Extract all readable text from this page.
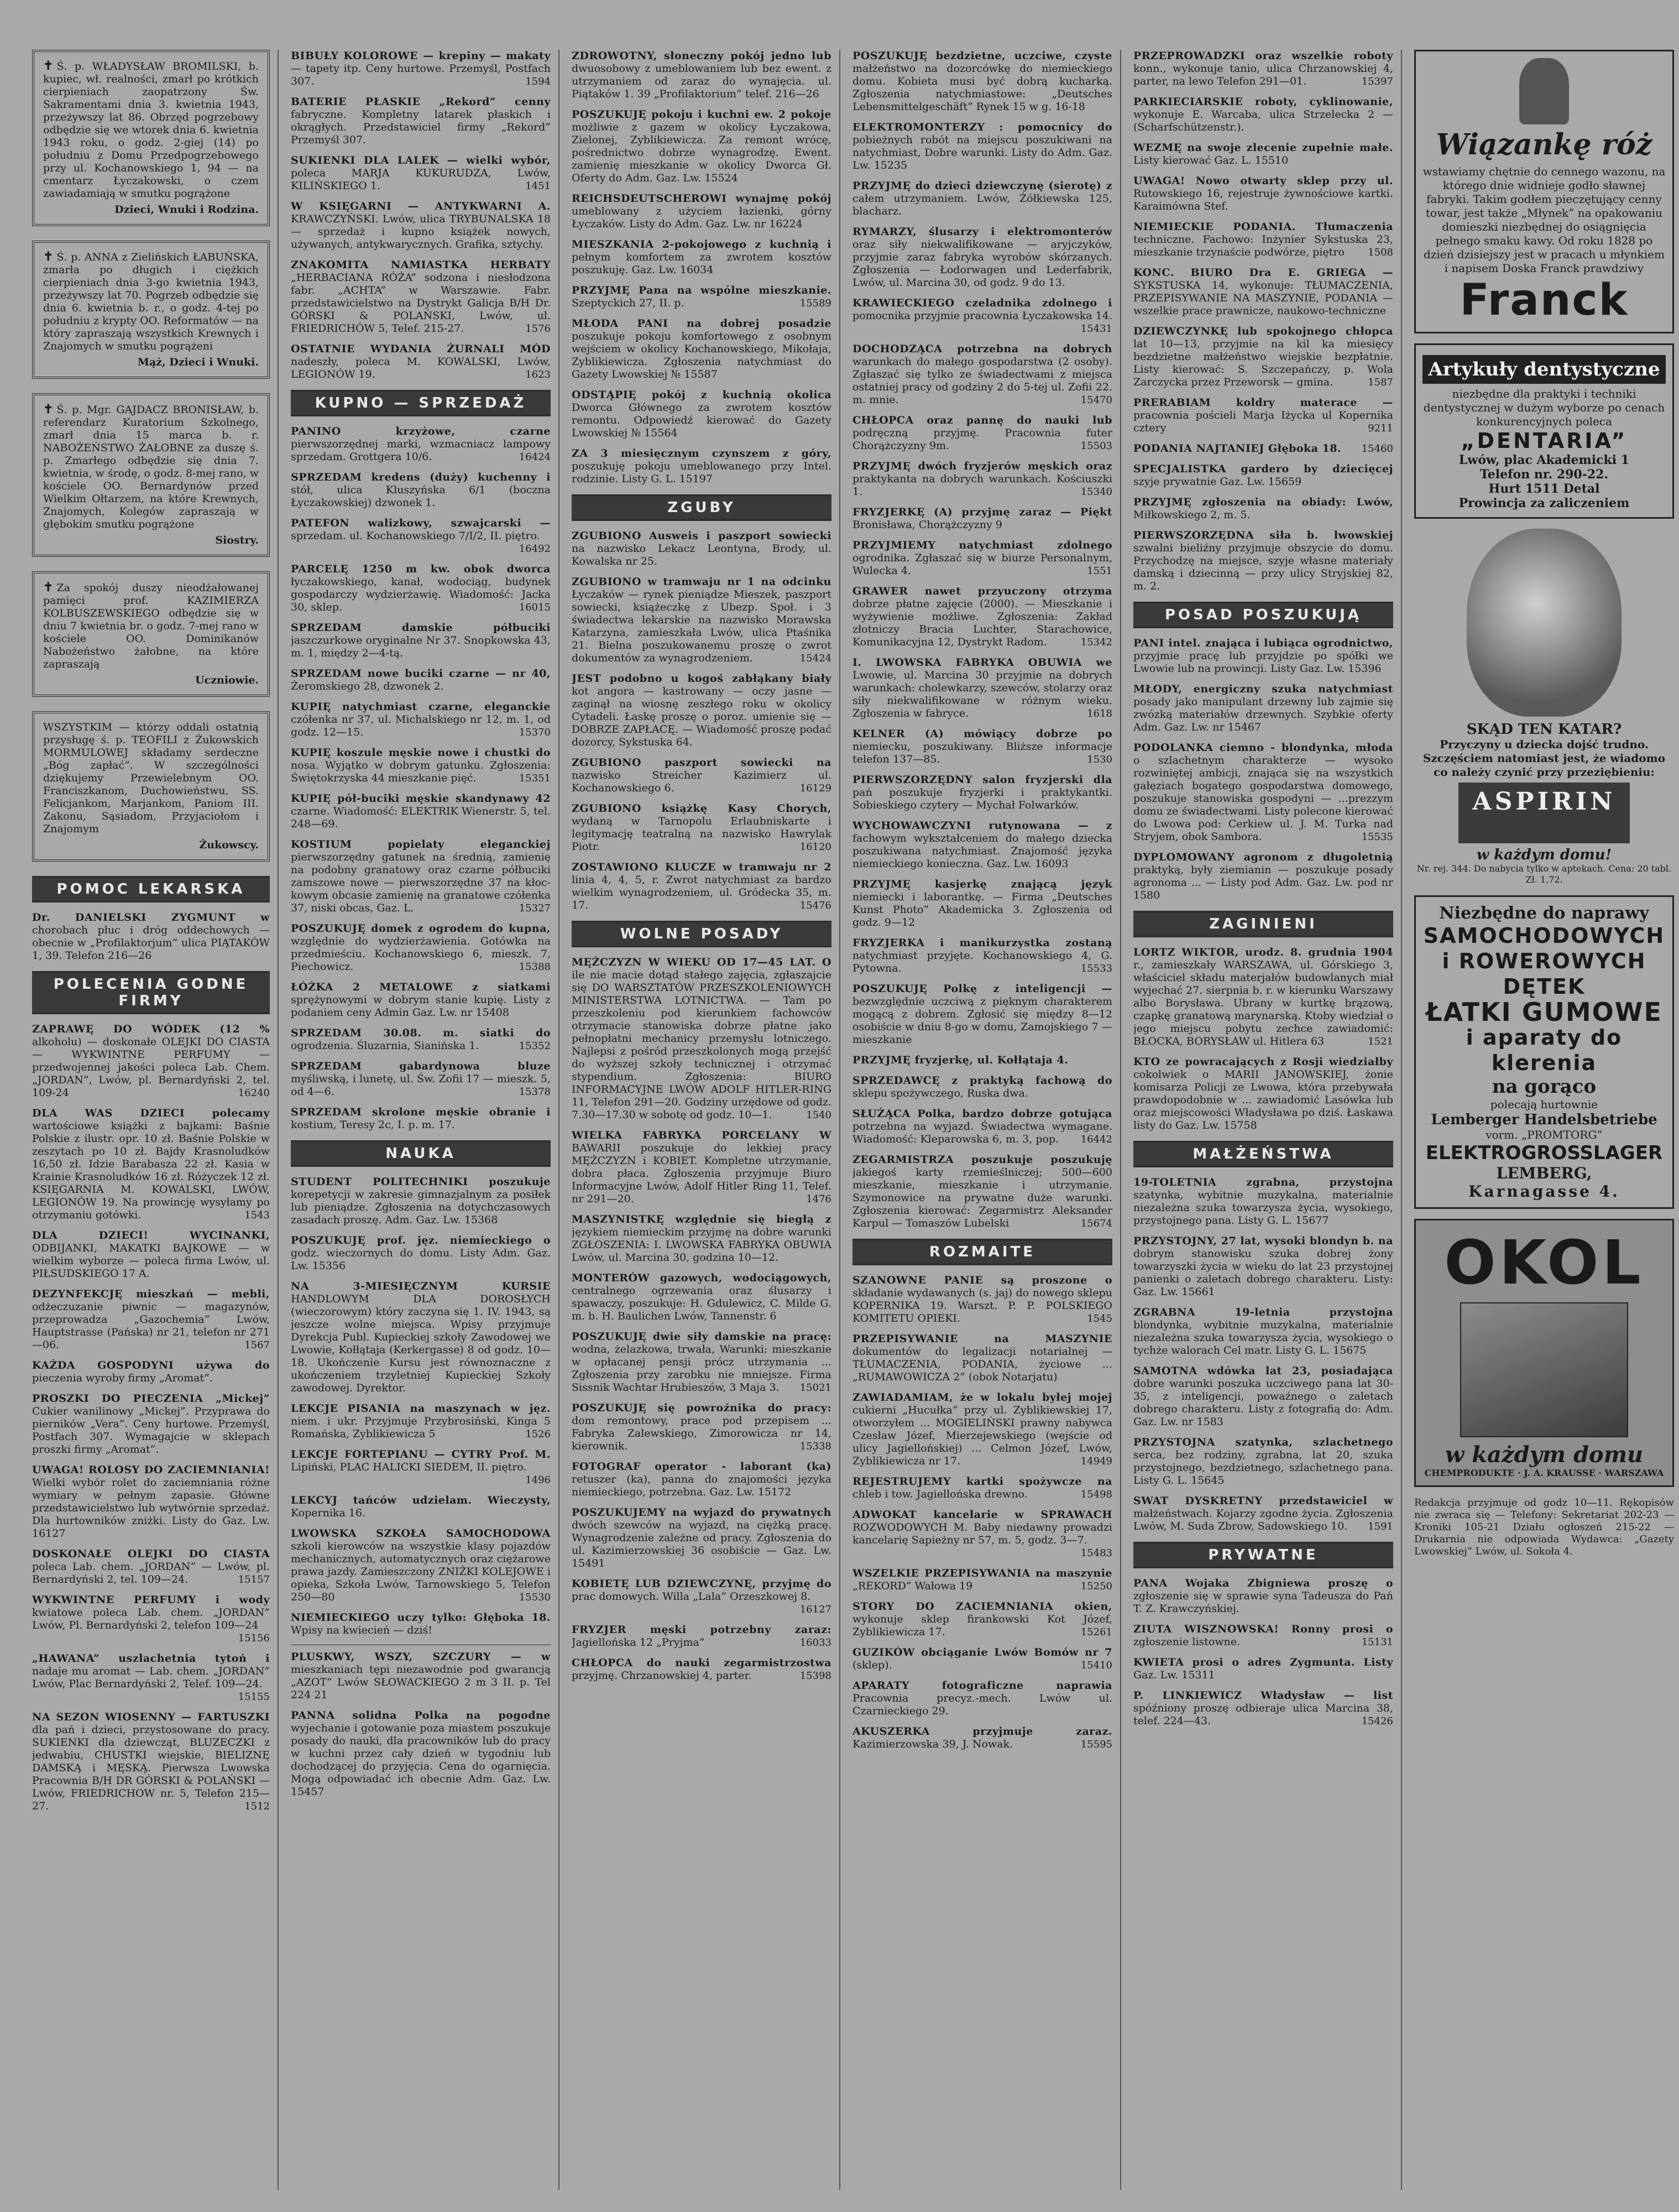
✝ Ś. p. WŁADYSŁAW BROMILSKI, b. kupiec, wł. realności, zmarł po krótkich cierpieniach zaopatrzony Św. Sakramentami dnia 3. kwietnia 1943, przeżywszy lat 86. Obrzęd pogrzebowy odbędzie się we wtorek dnia 6. kwietnia 1943 roku, o godz. 2-giej (14) po południu z Domu Przedpogrzebowego przy ul. Kochanowskiego 1, 94 — na cmentarz Łyczakowski, o czem zawiadamiają w smutku pogrążone
Dzieci, Wnuki i Rodzina.
✝ Ś. p. ANNA z Zielińskich ŁABUŃSKA, zmarła po długich i ciężkich cierpieniach dnia 3-go kwietnia 1943, przeżywszy lat 70. Pogrzeb odbędzie się dnia 6. kwietnia b. r., o godz. 4-tej po południu z krypty OO. Reformatów — na który zapraszają wszystkich Krewnych i Znajomych w smutku pogrążeni
Mąż, Dzieci i Wnuki.
✝ Ś. p. Mgr. GAJDACZ BRONISŁAW, b. referendarz Kuratorium Szkolnego, zmarł dnia 15 marca b. r. NABOŻEŃSTWO ŻAŁOBNE za duszę ś. p. Zmarłego odbędzie się dnia 7. kwietnia, w środę, o godz. 8-mej rano, w kościele OO. Bernardynów przed Wielkim Ołtarzem, na które Krewnych, Znajomych, Kolegów zapraszają w głębokim smutku pogrążone
Siostry.
✝ Za spokój duszy nieodżałowanej pamięci prof. KAZIMIERZA KOLBUSZEWSKIEGO odbędzie się w dniu 7 kwietnia br. o godz. 7-mej rano w kościele OO. Dominikanów Nabożeństwo żałobne, na które zapraszają
Uczniowie.
WSZYSTKIM — którzy oddali ostatnią przysługę ś. p. TEOFILI z Żukowskich MORMULOWEJ składamy serdeczne „Bóg zapłać”. W szczególności dziękujemy Przewielebnym OO. Franciszkanom, Duchowieństwu, SS. Felicjankom, Marjankom, Paniom III. Zakonu, Sąsiadom, Przyjaciołom i Znajomym
Żukowscy.
POMOC LEKARSKA

Dr. DANIELSKI ZYGMUNT w chorobach płuc i dróg oddechowych — obecnie w „Profilaktorjum” ulica PIĄTAKÓW 1, 39. Telefon 216—26

POLECENIA GODNE FIRMY

ZAPRAWĘ DO WÓDEK (12 % alkoholu) — doskonałe OLEJKI DO CIASTA — WYKWINTNE PERFUMY — przedwojennej jakości poleca Lab. Chem. „JORDAN”, Lwów, pl. Bernardyński 2, tel. 109-24	16240

DLA WAS DZIECI polecamy wartościowe książki z bajkami: Baśnie Polskie z ilustr. opr. 10 zł. Baśnie Polskie w zeszytach po 10 zł. Bajdy Krasnoludków 16,50 zł. Idzie Barabasza 22 zł. Kasia w Krainie Krasnoludków 16 zł. Różyczek 12 zł. KSIĘGARNIA M. KOWALSKI, LWÓW, LEGIONÓW 19. Na prowincję wysyłamy po otrzymaniu gotówki.	1543

DLA DZIECI! WYCINANKI, ODBIJANKI, MAKATKI BAJKOWE — w wielkim wyborze — poleca firma Lwów, ul. PIŁSUDSKIEGO 17 A.

DEZYNFEKCJĘ mieszkań — mebli, odżeczuzanie piwnic — magazynów, przeprowadza „Gazochemia” Lwów, Hauptstrasse (Pańska) nr 21, telefon nr 271—06.	1567

KAŻDA GOSPODYNI używa do pieczenia wyroby firmy „Aromat”.

PROSZKI DO PIECZENIA „Mickej” Cukier wanilinowy „Mickej”. Przyprawa do pierników „Vera”. Ceny hurtowe. Przemyśl, Postfach 307. Wymagajcie w sklepach proszki firmy „Aromat”.

UWAGA! ROLOSY DO ZACIEMNIANIA! Wielki wybór rolet do zaciemniania różne wymiary w pełnym zapasie. Główne przedstawicielstwo lub wytwórnie sprzedaż. Dla hurtowników zniżki. Listy do Gaz. Lw. 16127

DOSKONAŁE OLEJKI DO CIASTA poleca Lab. chem. „JORDAN” — Lwów, pl. Bernardyński 2, tel. 109—24.	15157

WYKWINTNE PERFUMY i wody kwiatowe poleca Lab. chem. „JORDAN” Lwów, Pl. Bernardyński 2, telefon 109—24
15156

„HAWANA” uszlachetnia tytoń i nadaje mu aromat — Lab. chem. „JORDAN” Lwów, Plac Bernardyński 2, Telef. 109—24.
15155

NA SEZON WIOSENNY — FARTUSZKI dla pań i dzieci, przystosowane do pracy. SUKIENKI dla dziewcząt, BLUZECZKI z jedwabiu, CHUSTKI wiejskie, BIELIZNĘ DAMSKĄ i MĘSKĄ. Pierwsza Lwowska Pracownia B/H DR GÓRSKI & POLAŃSKI — Lwów, FRIEDRICHOW nr. 5, Telefon 215—27.	1512

BIBUŁY KOLOROWE — krepiny — makaty — tapety itp. Ceny hurtowe. Przemyśl, Postfach 307.	1594

BATERIE PŁASKIE „Rekord” cenny fabryczne. Kompletny latarek płaskich i okrągłych. Przedstawiciel firmy „Rekord” Przemyśl 307.

SUKIENKI DLA LALEK — wielki wybór, poleca MARJA KUKURUDZA, Lwów, KILIŃSKIEGO 1.	1451

W KSIĘGARNI — ANTYKWARNI A. KRAWCZYŃSKI. Lwów, ulica TRYBUNALSKA 18 — sprzedaż i kupno książek nowych, używanych, antykwarycznych. Grafika, sztychy.

ZNAKOMITA NAMIASTKA HERBATY „HERBACIANA RÓŻA” sodzona i niesłodzona fabr. „ACHTA” w Warszawie. Fabr. przedstawicielstwo na Dystrykt Galicja B/H Dr. GÓRSKI & POLAŃSKI, Lwów, ul. FRIEDRICHÓW 5, Telef. 215-27.	1576

OSTATNIE WYDANIA ŻURNALI MÓD nadeszły, poleca M. KOWALSKI, Lwów, LEGIONÓW 19.	1623

KUPNO — SPRZEDAŻ

PANINO krzyżowe, czarne pierwszorzędnej marki, wzmacniacz lampowy sprzedam. Grottgera 10/6.	16424

SPRZEDAM kredens (duży) kuchenny i stół, ulica Kluszyńska 6/1 (boczna Łyczakowskiej) dzwonek 1.

PATEFON walizkowy, szwajcarski — sprzedam. ul. Kochanowskiego 7/I/2, II. piętro.
16492

PARCELĘ 1250 m kw. obok dworca łyczakowskiego, kanał, wodociąg, budynek gospodarczy wydzierżawię. Wiadomość: Jacka 30, sklep.	16015

SPRZEDAM damskie półbuciki jaszczurkowe oryginalne Nr 37. Snopkowska 43, m. 1, między 2—4-tą.

SPRZEDAM nowe buciki czarne — nr 40, Żeromskiego 28, dzwonek 2.

KUPIĘ natychmiast czarne, eleganckie czółenka nr 37, ul. Michalskiego nr 12, m. 1, od godz. 12—15.	15370

KUPIĘ koszule męskie nowe i chustki do nosa. Wyjątko w dobrym gatunku. Zgłoszenia: Świętokrzyska 44 mieszkanie pięć.	15351

KUPIĘ pół-buciki męskie skandynawy 42 czarne. Wiadomość: ELEKTRIK Wienerstr. 5, tel. 248—69.

KOSTIUM popielaty eleganckiej pierwszorzędny gatunek na średnią, zamienię na podobny granatowy oraz czarne półbuciki zamszowe nowe — pierwszorzędne 37 na kłockowym obcasie zamienię na granatowe czółenka 37, niski obcas, Gaz. L.	15327

POSZUKUJĘ domek z ogrodem do kupna, względnie do wydzierżawienia. Gotówka na przedmieściu. Kochanowskiego 6, mieszk. 7, Piechowicz.	15388

ŁÓŻKA 2 METALOWE z siatkami sprężynowymi w dobrym stanie kupię. Listy z podaniem ceny Admin Gaz. Lw. nr 15408

SPRZEDAM 30.08. m. siatki do ogrodzenia. Śluzarnia, Sianińska 1.	15352

SPRZEDAM gabardynowa bluze myśliwską, i lunetę, ul. Św. Zofii 17 — mieszk. 5, od 4—6.	15378

SPRZEDAM skrolone męskie obranie i kostium, Teresy 2c, I. p. m. 17.

NAUKA

STUDENT POLITECHNIKI poszukuje korepetycji w zakresie gimnazjalnym za posiłek lub pieniądze. Zgłoszenia na dotychczasowych zasadach proszę. Adm. Gaz. Lw. 15368

POSZUKUJĘ prof. jęz. niemieckiego o godz. wieczornych do domu. Listy Adm. Gaz. Lw. 15356

NA 3-MIESIĘCZNYM KURSIE HANDLOWYM DLA DOROSŁYCH (wieczorowym) który zaczyna się 1. IV. 1943, są jeszcze wolne miejsca. Wpisy przyjmuje Dyrekcja Publ. Kupieckiej szkoły Zawodowej we Lwowie, Kołłątaja (Kerkergasse) 8 od godz. 10—18. Ukończenie Kursu jest równoznaczne z ukończeniem trzyletniej Kupieckiej Szkoły zawodowej. Dyrektor.

LEKCJE PISANIA na maszynach w jęz. niem. i ukr. Przyjmuje Przybrosiński, Kinga 5 Romańska, Zyblikiewicza 5	1526

LEKCJE FORTEPIANU — CYTRY Prof. M. Lipiński, PLAC HALICKI SIEDEM, II. piętro.
1496

LEKCYJ tańców udzielam. Wieczysty, Kopernika 16.

LWOWSKA SZKOŁA SAMOCHODOWA szkoli kierowców na wszystkie klasy pojazdów mechanicznych, automatycznych oraz ciężarowe prawa jazdy. Zamieszczony ZNIŻKI KOLEJOWE i opieka, Szkoła Lwów, Tarnowskiego 5, Telefon 250—80	15530

NIEMIECKIEGO uczy tylko: Głęboka 18. Wpisy na kwiecień — dziś!

PLUSKWY, WSZY, SZCZURY — w mieszkaniach tępi niezawodnie pod gwarancją „AZOT” Lwów SŁOWACKIEGO 2 m 3 II. p. Tel 224 21

PANNA solidna Polka na pogodne wyjechanie i gotowanie poza miastem poszukuje posady do nauki, dla pracowników lub do pracy w kuchni przez cały dzień w tygodniu lub dochodzącej do przyjęcia. Cena do ogarnięcia. Mogą odpowiadać ich obecnie Adm. Gaz. Lw. 15457

ZDROWOTNY, słoneczny pokój jedno lub dwuosobowy z umeblowaniem lub bez ewent. z utrzymaniem od zaraz do wynajęcia. ul. Piątaków 1. 39 „Profilaktorium” telef. 216—26

POSZUKUJĘ pokoju i kuchni ew. 2 pokoje możliwie z gazem w okolicy Łyczakowa, Zielonej, Zyblikiewicza. Za remont wrócę, pośrednictwo dobrze wynagrodzę. Ewent. zamienię mieszkanie w okolicy Dworca Gł. Oferty do Adm. Gaz. Lw. 15524

REICHSDEUTSCHEROWI wynajmę pokój umeblowany z użyciem łazienki, górny Łyczaków. Listy do Adm. Gaz. Lw. nr 16224

MIESZKANIA 2-pokojowego z kuchnią i pełnym komfortem za zwrotem kosztów poszukuję. Gaz. Lw. 16034

PRZYJMĘ Pana na wspólne mieszkanie. Szeptyckich 27, II. p.	15589

MŁODA PANI na dobrej posadzie poszukuje pokoju komfortowego z osobnym wejściem w okolicy Kochanowskiego, Mikołaja, Zyblikiewicza. Zgłoszenia natychmiast do Gazety Lwowskiej № 15587

ODSTĄPIĘ pokój z kuchnią okolica Dworca Głównego za zwrotem kosztów remontu. Odpowiedź kierować do Gazety Lwowskiej № 15564

ZA 3 miesięcznym czynszem z góry, poszukuję pokoju umeblowanego przy Intel. rodzinie. Listy G. L. 15197

ZGUBY

ZGUBIONO Ausweis i paszport sowiecki na nazwisko Lekacz Leontyna, Brody, ul. Kowalska nr 25.

ZGUBIONO w tramwaju nr 1 na odcinku Łyczaków — rynek pieniądze Mieszek, paszport sowiecki, książeczkę z Ubezp. Społ. i 3 świadectwa lekarskie na nazwisko Morawska Katarzyna, zamieszkała Lwów, ulica Ptaśnika 21. Bielna poszukowanemu proszę o zwrot dokumentów za wynagrodzeniem.	15424

JEST podobno u kogoś zabłąkany biały kot angora — kastrowany — oczy jasne — zaginął na wiosnę zeszłego roku w okolicy Cytadeli. Łaskę proszę o poroz. umienie się — DOBRZE ZAPŁACĘ. — Wiadomość proszę podać dozorcy, Sykstuska 64.

ZGUBIONO paszport sowiecki na nazwisko Streicher Kazimierz ul. Kochanowskiego 6.	16129

ZGUBIONO książkę Kasy Chorych, wydaną w Tarnopolu Erlaubniskarte i legitymację teatralną na nazwisko Hawrylak Piotr.	16120

ZOSTAWIONO KLUCZE w tramwaju nr 2 linia 4, 4, 5, r. Zwrot natychmiast za bardzo wielkim wynagrodzeniem, ul. Gródecka 35, m. 17.	15476

WOLNE POSADY

MĘŻCZYZN W WIEKU OD 17—45 LAT. O ile nie macie dotąd stałego zajęcia, zgłaszajcie się DO WARSZTATÓW PRZESZKOLENIOWYCH MINISTERSTWA LOTNICTWA. — Tam po przeszkoleniu pod kierunkiem fachowców otrzymacie stanowiska dobrze płatne jako pełnopłatni mechanicy przemysłu lotniczego. Najlepsi z pośród przeszkolonych mogą przejść do wyższej szkoły technicznej i otrzymać stypendium. Zgłoszenia: BIURO INFORMACYJNE LWÓW ADOLF HITLER-RING 11, Telefon 291—20. Godziny urzędowe od godz. 7.30—17.30 w sobotę od godz. 10—1.	1540

WIELKA FABRYKA PORCELANY W BAWARII poszukuje do lekkiej pracy MĘŻCZYZN i KOBIET. Kompletne utrzymanie, dobra płaca. Zgłoszenia przyjmuje Biuro Informacyjne Lwów, Adolf Hitler Ring 11, Telef. nr 291—20.	1476

MASZYNISTKĘ względnie się biegłą z językiem niemieckim przyjmę na dobre warunki ZGŁOSZENIA: I. LWOWSKA FABRYKA OBUWIA Lwów, ul. Marcina 30, godzina 10—12.

MONTERÓW gazowych, wodociągowych, centralnego ogrzewania oraz ślusarzy i spawaczy, poszukuje: H. Gdulewicz, C. Milde G. m. b. H. Baulichen Lwów, Tannenstr. 6

POSZUKUJĘ dwie siły damskie na pracę: wodna, żelazkowa, trwała, Warunki: mieszkanie w opłacanej pensji prócz utrzymania ... Zgłoszenia przy zarobku nie mniejsze. Firma Sissnik Wachtar Hrubieszów, 3 Maja 3. 15021

POSZUKUJĘ się powroźnika do pracy: dom remontowy, prace pod przepisem ... Fabryka Zalewskiego, Zimorowicza nr 14, kierownik.	15338

FOTOGRAF operator - laborant (ka) retuszer (ka), panna do znajomości języka niemieckiego, potrzebna. Gaz. Lw. 15172

POSZUKUJEMY na wyjazd do prywatnych dwóch szewców na wyjazd, na ciężką pracę. Wynagrodzenie zależne od pracy. Zgłoszenia do ul. Kazimierzowskiej 36 osobiście — Gaz. Lw. 15491

KOBIETĘ LUB DZIEWCZYNĘ, przyjmę do prac domowych. Willa „Lala” Orzeszkowej 8.
16127

FRYZJER męski potrzebny zaraz: Jagiellońska 12 „Pryjma”	16033

CHŁOPCA do nauki zegarmistrzostwa przyjmę. Chrzanowskiej 4, parter.	15398

POSZUKUJĘ bezdzietne, uczciwe, czyste małżeństwo na dozorcówkę do niemieckiego domu. Kobieta musi być dobrą kucharką. Zgłoszenia natychmiastowe: „Deutsches Lebensmittelgeschäft” Rynek 15 w g. 16-18

ELEKTROMONTERZY : pomocnicy do pobieżnych robót na miejscu poszukiwani na natychmiast, Dobre warunki. Listy do Adm. Gaz. Lw. 15235

PRZYJMĘ do dzieci dziewczynę (sierotę) z całem utrzymaniem. Lwów, Żółkiewska 125, blacharz.

RYMARZY, ślusarzy i elektromonterów oraz siły niekwalifikowane — aryjczyków, przyjmie zaraz fabryka wyrobów skórzanych. Zgłoszenia — Łodorwagen und Lederfabrik, Lwów, ul. Marcina 30, od godz. 9 do 13.

KRAWIECKIEGO czeladnika zdolnego i pomocnika przyjmie pracownia Łyczakowska 14.
15431

DOCHODZĄCA potrzebna na dobrych warunkach do małego gospodarstwa (2 osoby). Zgłaszać się tylko ze świadectwami z miejsca ostatniej pracy od godziny 2 do 5-tej ul. Zofii 22. m. mnie.	15470

CHŁOPCA oraz pannę do nauki lub podręczną przyjmę. Pracownia futer Chorążczyzny 9m.	15503

PRZYJMĘ dwóch fryzjerów męskich oraz praktykanta na dobrych warunkach. Kościuszki 1.	15340

FRYZJERKĘ (A) przyjmę zaraz — Piękt Bronisława, Chorążczyzny 9

PRZYJMIEMY natychmiast zdolnego ogrodnika. Zgłaszać się w biurze Personalnym, Wulecka 4.	1551

GRAWER nawet przyuczony otrzyma dobrze płatne zajęcie (2000). — Mieszkanie i wyżywienie możliwe. Zgłoszenia: Zakład złotniczy Bracia Luchter, Starachowice, Komunikacyjna 12, Dystrykt Radom.	15342

I. LWOWSKA FABRYKA OBUWIA we Lwowie, ul. Marcina 30 przyjmie na dobrych warunkach: cholewkarzy, szewców, stolarzy oraz siły niekwalifikowane w różnym wieku. Zgłoszenia w fabryce.	1618

KELNER (A) mówiący dobrze po niemiecku, poszukiwany. Bliższe informacje telefon 137—85.	1530

PIERWSZORZĘDNY salon fryzjerski dla pań poszukuje fryzjerki i praktykantki. Sobieskiego czytery — Mychał Folwarków.

WYCHOWAWCZYNI rutynowana — z fachowym wykształceniem do małego dziecka poszukiwana natychmiast. Znajomość języka niemieckiego konieczna. Gaz. Lw. 16093

PRZYJMĘ kasjerkę znającą język niemiecki i laborantkę. — Firma „Deutsches Kunst Photo” Akademicka 3. Zgłoszenia od godz. 9—12

FRYZJERKA i manikurzystka zostaną natychmiast przyjęte. Kochanowskiego 4, G. Pytowna.	15533

POSZUKUJĘ Polkę z inteligencji — bezwzględnie uczciwą z pięknym charakterem mogącą z dobrem. Zgłosić się między 8—12 osobiście w dniu 8-go w domu, Zamojskiego 7 — mieszkanie

PRZYJMĘ fryzjerkę, ul. Kołłątaja 4.

SPRZEDAWCĘ z praktyką fachową do sklepu spożywczego, Ruska dwa.

SŁUŻĄCA Polka, bardzo dobrze gotująca potrzebna na wyjazd. Świadectwa wymagane. Wiadomość: Kleparowska 6, m. 3, pop. 16442

ZEGARMISTRZA poszukuje poszukuję jakiegoś karty rzemieślniczej; 500—600 mieszkanie, mieszkanie i utrzymanie. Szymonowice na prywatne duże warunki. Zgłoszenia kierować: Zegarmistrz Aleksander Karpul — Tomaszów Lubelski	15674

ROZMAITE

SZANOWNE PANIE są proszone o składanie wydawanych (s. jaj) do nowego sklepu KOPERNIKA 19. Warszt. P. P. POLSKIEGO KOMITETU OPIEKI.	1545

PRZEPISYWANIE na MASZYNIE dokumentów do legalizacji notarialnej — TŁUMACZENIA, PODANIA, życiowe ... „RUMAWOWICZA 2” (obok Notarjatu)

ZAWIADAMIAM, że w lokalu byłej mojej cukierni „Hucułka” przy ul. Zyblikiewskiej 17, otworzyłem ... MOGIELIŃSKI prawny nabywca Czesław Józef, Mierzejewskiego (wejście od ulicy Jagiellońskiej) ... Celmon Józef, Lwów, Zyblikiewicza nr 17.	14949

REJESTRUJEMY kartki spożywcze na chleb i tow. Jagiellońska drewno.	15498

ADWOKAT kancelarie w SPRAWACH ROZWODOWYCH M. Baby niedawny prowadzi kancelarię Sapieżny nr 57, m. 5, godz. 3—7.
15483

WSZELKIE PRZEPISYWANIA na maszynie „REKORD” Wałowa 19	15250

STORY DO ZACIEMNIANIA okien, wykonuje sklep firankowski Kot Józef, Zyblikiewicza 17.	15261

GUZIKÓW obciąganie Lwów Bomów nr 7 (sklep).	15410

APARATY fotograficzne naprawia Pracownia precyz.-mech. Lwów ul. Czarnieckiego 29.

AKUSZERKA przyjmuje zaraz. Kazimierzowska 39, J. Nowak.	15595

PRZEPROWADZKI oraz wszelkie roboty konn., wykonuje tanio, ulica Chrzanowskiej 4, parter, na lewo Telefon 291—01.	15397

PARKIECIARSKIE roboty, cyklinowanie, wykonuje E. Warcaba, ulica Strzelecka 2 — (Scharfschützenstr.).

WEZMĘ na swoje zlecenie zupełnie małe. Listy kierować Gaz. L. 15510

UWAGA! Nowo otwarty sklep przy ul. Rutowskiego 16, rejestruje żywnościowe kartki. Karaimówna Stef.

NIEMIECKIE PODANIA. Tłumaczenia techniczne. Fachowo: Inżynier Sykstuska 23, mieszkanie trzynaście podwórze, piętro 1508

KONC. BIURO Dra E. GRIEGA — SYKSTUSKA 14, wykonuje: TŁUMACZENIA, PRZEPISYWANIE NA MASZYNIE, PODANIA — wszelkie prace prawnicze, naukowo-techniczne

DZIEWCZYNKĘ lub spokojnego chłopca lat 10—13, przyjmie na kil ka miesięcy bezdzietne małżeństwo wiejskie bezpłatnie. Listy kierować: S. Szczepańczy, p. Wola Zarczycka przez Przeworsk — gmina.	1587

PRERABIAM koldry materace — pracownia pościeli Marja Iżycka ul Kopernika cztery	9211

PODANIA NAJTANIEJ Głęboka 18. 15460

SPECJALISTKA gardero by dziecięcej szyje prywatnie Gaz. Lw. 15659

PRZYJMĘ zgłoszenia na obiady: Lwów, Miłkowskiego 2, m. 5.

PIERWSZORZĘDNA siła b. lwowskiej szwalni bieliźny przyjmuje obszycie do domu. Przychodzę na miejsce, szyje własne materiały damską i dziecinną — przy ulicy Stryjskiej 82, m. 2.

POSAD POSZUKUJĄ

PANI intel. znająca i lubiąca ogrodnictwo, przyjmie pracę lub przyjdzie po spółki we Lwowie lub na prowincji. Listy Gaz. Lw. 15396

MŁODY, energiczny szuka natychmiast posady jako manipulant drzewny lub zajmie się zwózką materiałów drzewnych. Szybkie oferty Adm. Gaz. Lw. nr 15467

PODOLANKA ciemno - blondynka, młoda o szlachetnym charakterze — wysoko rozwiniętej ambicji, znająca się na wszystkich gałęziach bogatego gospodarstwa domowego, poszukuje stanowiska gospodyni — ...prezzym domu ze świadectwami. Listy polecone kierować do Lwowa pod: Cerkiew ul. J. M. Turka nad Stryjem, obok Sambora.	15535

DYPLOMOWANY agronom z długoletnią praktyką, były ziemianin — poszukuje posady agronoma ... — Listy pod Adm. Gaz. Lw. pod nr 1580

ZAGINIENI

LORTZ WIKTOR, urodz. 8. grudnia 1904 r., zamieszkały WARSZAWA, ul. Górskiego 3, właściciel składu materjałów budowlanych miał wyjechać 27. sierpnia b. r. w kierunku Warszawy albo Borysława. Ubrany w kurtkę brązową, czapkę granatową marynarską. Ktoby wiedział o jego miejscu pobytu zechce zawiadomić: BŁOCKA, BORYSŁAW ul. Hitlera 63	1521

KTO ze powracających z Rosji wiedziałby cokolwiek o MARII JANOWSKIEJ, żonie komisarza Policji ze Lwowa, która przebywała prawdopodobnie w ... zawiadomić Lasówka lub oraz miejscowości Władysława po dziś. Łaskawa listy do Gaz. Lw. 15758

MAŁŻEŃSTWA

19-TOLETNIA zgrabna, przystojna szatynka, wybitnie muzykalna, materialnie niezależna szuka towarzysza życia, wysokiego, przystojnego pana. Listy G. L. 15677

PRZYSTOJNY, 27 lat, wysoki blondyn b. na dobrym stanowisku szuka dobrej żony towarzyszki życia w wieku do lat 23 przystojnej panienki o zaletach dobrego charakteru. Listy: Gaz. Lw. 15661

ZGRABNA 19-letnia przystojna blondynka, wybitnie muzykalna, materialnie niezależna szuka towarzysza życia, wysokiego o tychże walorach Cel matr. Listy G. L. 15675

SAMOTNA wdówka lat 23, posiadająca dobre warunki poszuka uczciwego pana lat 30-35, z inteligencji, powaźnego o zaletach dobrego charakteru. Listy z fotografią do: Adm. Gaz. Lw. nr 1583

PRZYSTOJNA szatynka, szlachetnego serca, bez rodziny, zgrabna, lat 20, szuka przystojnego, bezdzietnego, szlachetnego pana. Listy G. L. 15645

SWAT DYSKRETNY przedstawiciel w małżeństwach. Kojarzy zgodne życia. Zgłoszenia Lwów, M. Suda Zbrow, Sadowskiego 10. 1591

PRYWATNE

PANA Wojaka Zbigniewa proszę o zgłoszenie się w sprawie syna Tadeusza do Pań T. Z. Krawczyńskiej.

ZIUTA WISZNOWSKA! Ronny prosi o zgłoszenie listowne.	15131

KWIETA prosi o adres Zygmunta. Listy Gaz. Lw. 15311

P. LINKIEWICZ Władysław — list spóźniony proszę odbieraje ulica Marcina 38, telef. 224—43.	15426

Wiązankę róż
wstawiamy chętnie do cennego wazonu, na którego dnie widnieje godło sławnej fabryki. Takim godłem pieczętujący cenny towar, jest także „Młynek” na opakowaniu domieszki niezbędnej do osiągnięcia pełnego smaku kawy. Od roku 1828 po dzień dzisiejszy jest w pracach u młynkiem i napisem Doska Franck prawdziwy
Franck
Artykuły dentystyczne
niezbędne dla praktyki i techniki dentystycznej w dużym wyborze po cenach konkurencyjnych poleca
„DENTARIA”
Lwów, plac Akademicki 1
Telefon nr. 290-22.
Hurt 1511 Detal
Prowincja za zaliczeniem
SKĄD TEN KATAR?
Przyczyny u dziecka dojść trudno. Szczęściem natomiast jest, że wiadomo co należy czynić przy przeziębieniu:
ASPIRIN
w każdym domu!
Nr. rej. 344. Do nabycia tylko w aptekach. Cena: 20 tabl. Zł. 1,72.
Niezbędne do naprawy
SAMOCHODOWYCH
i ROWEROWYCH DĘTEK
ŁATKI GUMOWE
i aparaty do klerenia
na gorąco
polecają hurtownie
Lemberger Handelsbetriebe
vorm. „PROMTORG”
ELEKTROGROSSLAGER
LEMBERG,
Karnagasse 4.
OKOL
w każdym domu
CHEMPRODUKTE · J. A. KRAUSSE · WARSZAWA
Redakcja przyjmuje od godz 10—11. Rękopisów nie zwraca się — Telefony: Sekretariat 202-23 — Kroniki 105-21 Działu ogłoszeń 215-22 — Drukarnia nie odpowiada Wydawca: „Gazety Lwowskiej” Lwów, ul. Sokoła 4.
